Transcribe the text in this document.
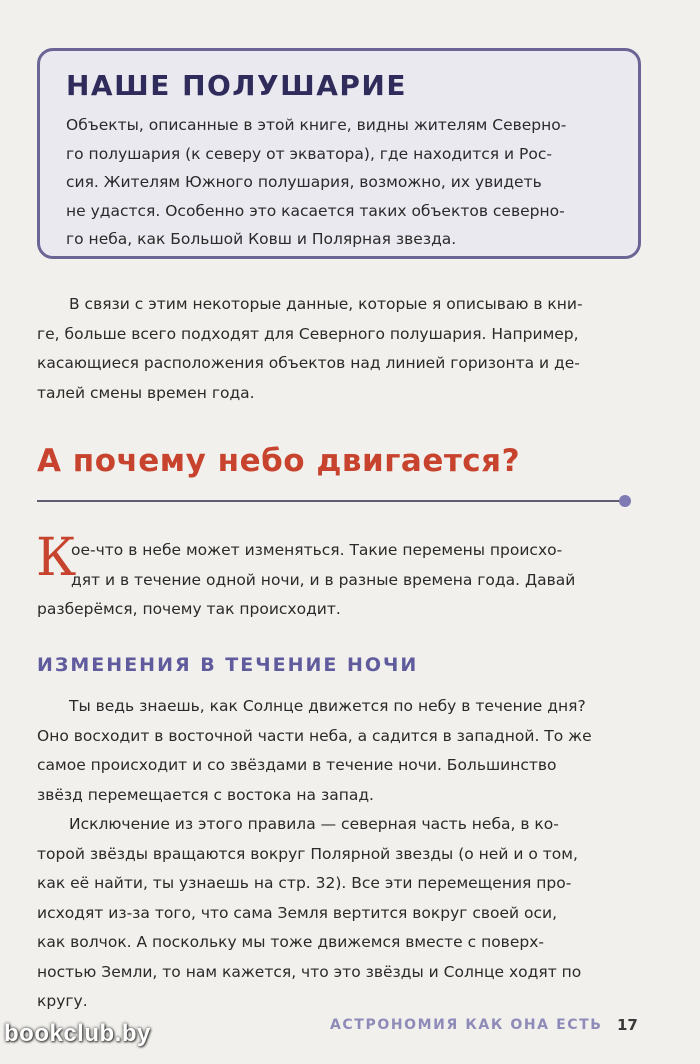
НАШЕ ПОЛУШАРИЕ

Объекты, описанные в этой книге, видны жителям Северно-

го полушария (к северу от экватора), где находится и Рос-

сия. Жителям Южного полушария, возможно, их увидеть

не удастся. Особенно это касается таких объектов северно-

го неба, как Большой Ковш и Полярная звезда.

В связи с этим некоторые данные, которые я описываю в кни-

ге, больше всего подходят для Северного полушария. Например,

касающиеся расположения объектов над линией горизонта и де-

талей смены времен года.

А почему небо двигается?
К

ое-что в небе может изменяться. Такие перемены происхо-

дят и в течение одной ночи, и в разные времена года. Давай

разберёмся, почему так происходит.

ИЗМЕНЕНИЯ В ТЕЧЕНИЕ НОЧИ

Ты ведь знаешь, как Солнце движется по небу в течение дня?

Оно восходит в восточной части неба, а садится в западной. То же

самое происходит и со звёздами в течение ночи. Большинство

звёзд перемещается с востока на запад.

Исключение из этого правила — северная часть неба, в ко-

торой звёзды вращаются вокруг Полярной звезды (о ней и о том,

как её найти, ты узнаешь на стр. 32). Все эти перемещения про-

исходят из-за того, что сама Земля вертится вокруг своей оси,

как волчок. А поскольку мы тоже движемся вместе с поверх-

ностью Земли, то нам кажется, что это звёзды и Солнце ходят по

кругу.

АСТРОНОМИЯ КАК ОНА ЕСТЬ 17
bookclub.by
